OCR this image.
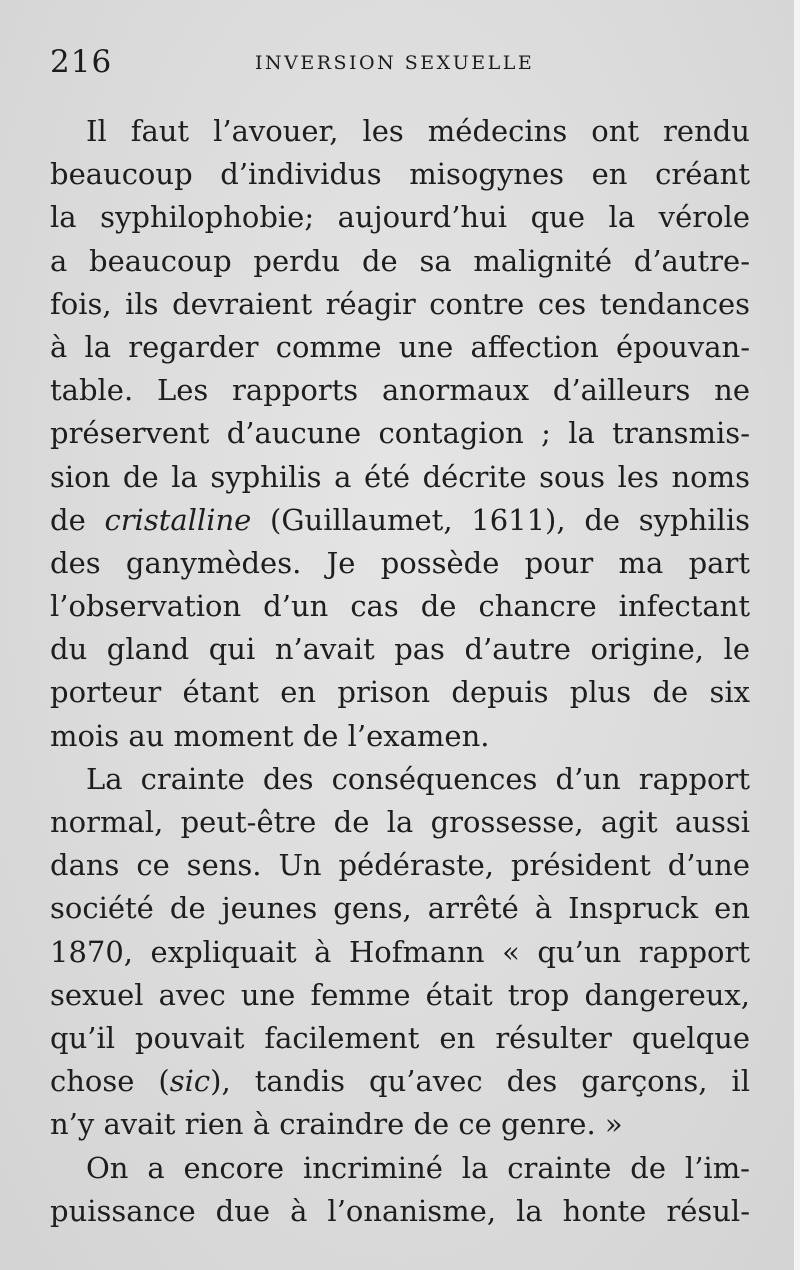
216	INVERSION SEXUELLE
Il faut l’avouer, les médecins ont rendu
beaucoup d’individus misogynes en créant
la syphilophobie; aujourd’hui que la vérole
a beaucoup perdu de sa malignité d’autre-
fois, ils devraient réagir contre ces tendances
à la regarder comme une affection épouvan-
table. Les rapports anormaux d’ailleurs ne
préservent d’aucune contagion ; la transmis-
sion de la syphilis a été décrite sous les noms
de cristalline (Guillaumet, 1611), de syphilis
des ganymèdes. Je possède pour ma part
l’observation d’un cas de chancre infectant
du gland qui n’avait pas d’autre origine, le
porteur étant en prison depuis plus de six
mois au moment de l’examen.
La crainte des conséquences d’un rapport
normal, peut-être de la grossesse, agit aussi
dans ce sens. Un pédéraste, président d’une
société de jeunes gens, arrêté à Inspruck en
1870, expliquait à Hofmann « qu’un rapport
sexuel avec une femme était trop dangereux,
qu’il pouvait facilement en résulter quelque
chose (sic), tandis qu’avec des garçons, il
n’y avait rien à craindre de ce genre. »
On a encore incriminé la crainte de l’im-
puissance due à l’onanisme, la honte résul-
